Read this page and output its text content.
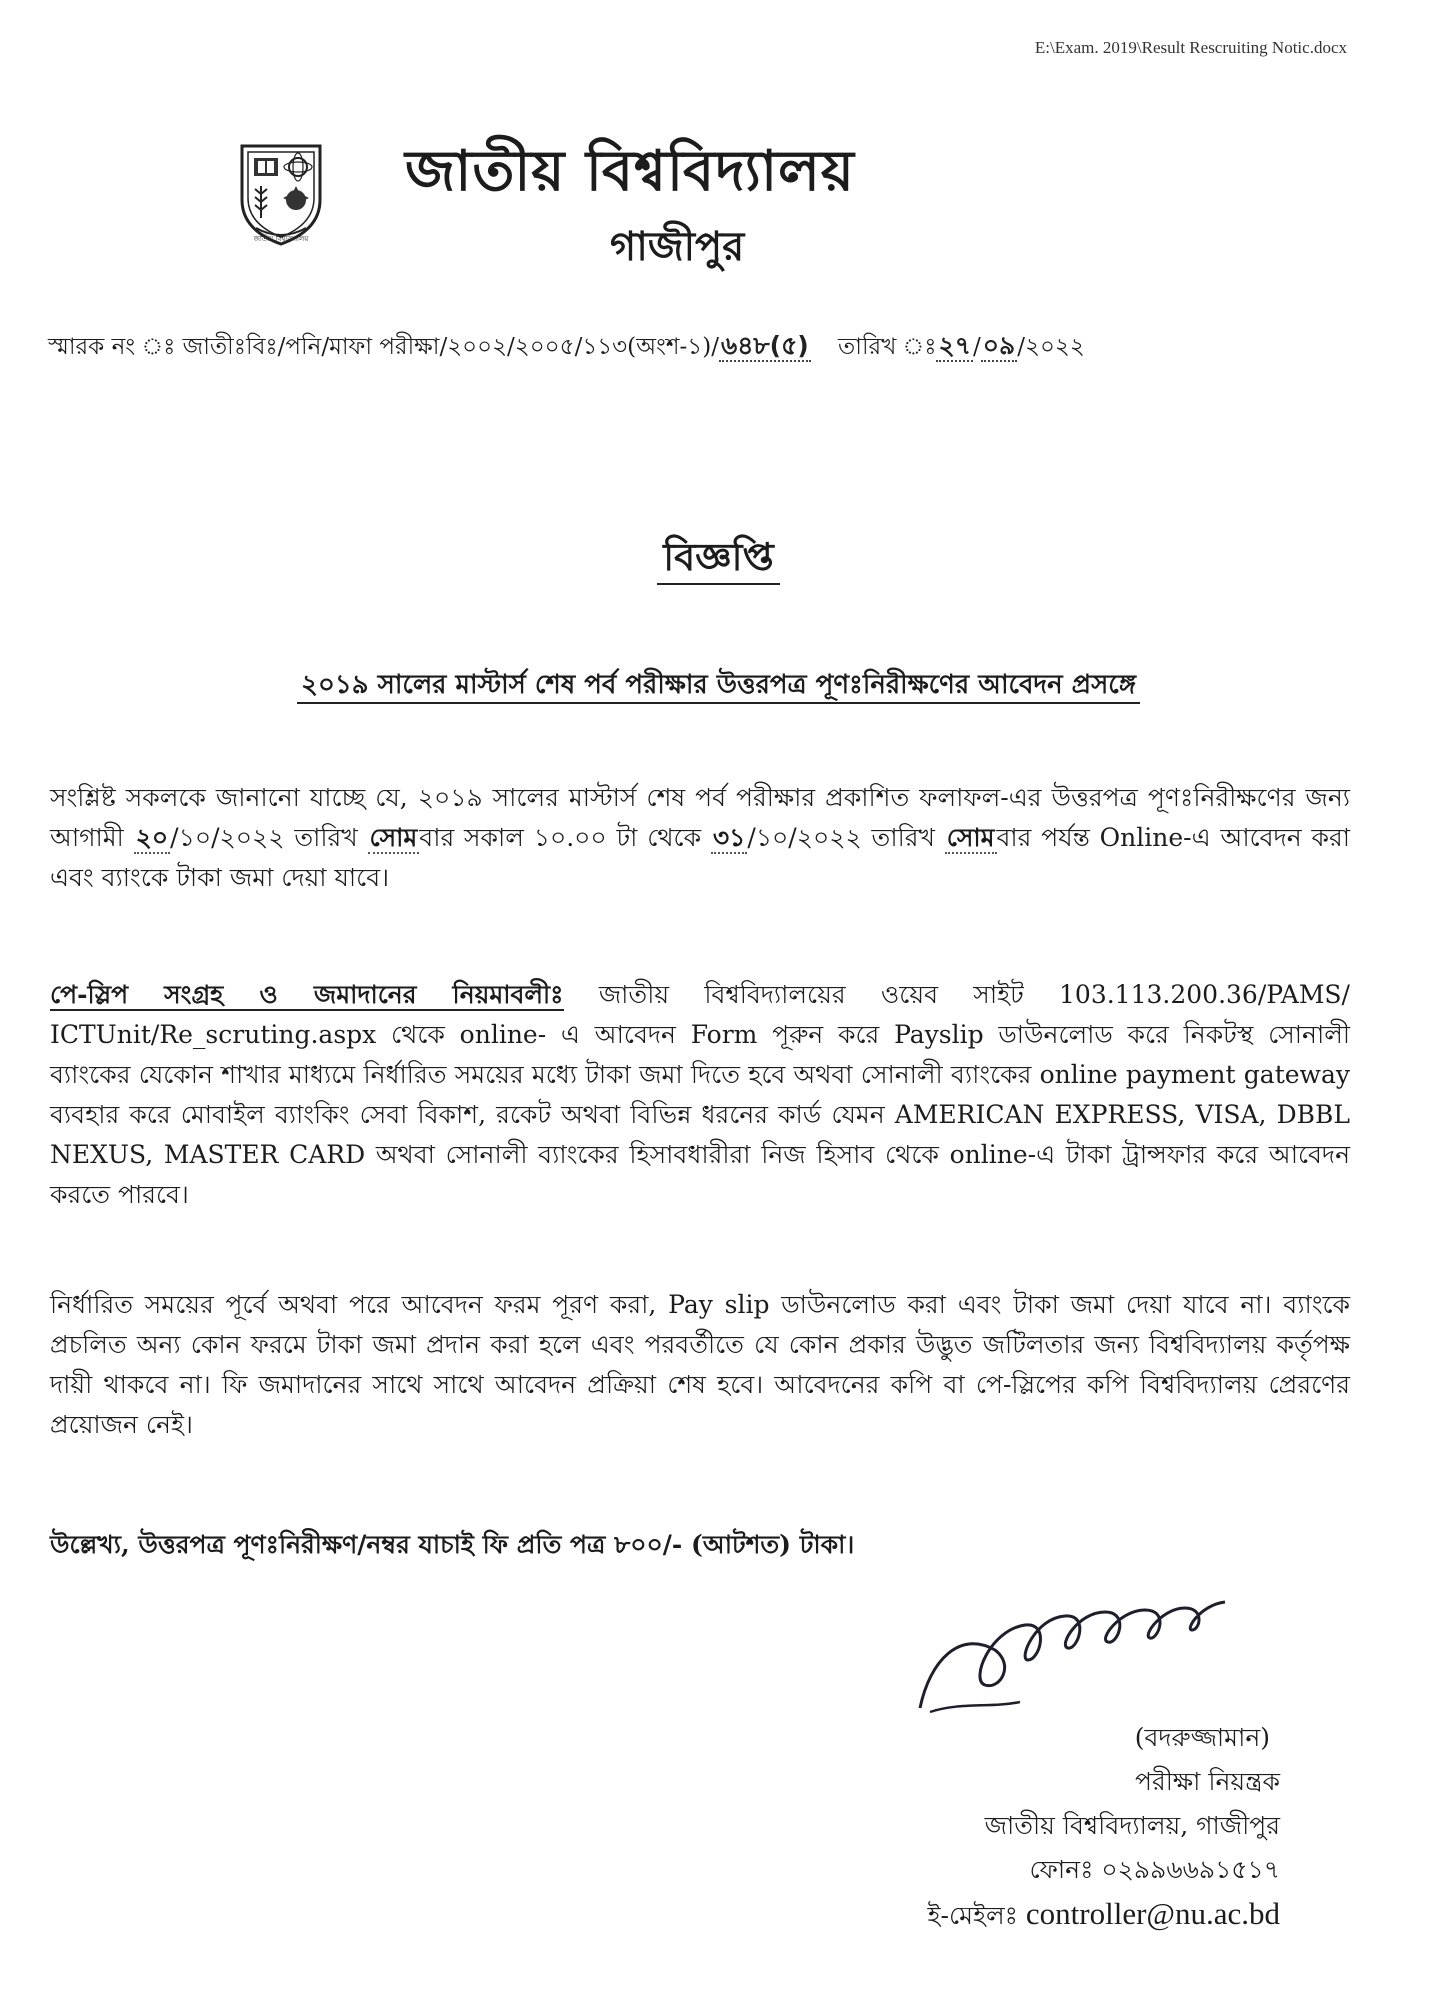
E:\Exam. 2019\Result Rescruiting Notic.docx
জাতীয় বিশ্ববিদ্যালয়
জাতীয় বিশ্ববিদ্যালয়
গাজীপুর
স্মারক নং ঃ জাতীঃবিঃ/পনি/মাফা পরীক্ষা/২০০২/২০০৫/১১৩(অংশ-১)/৬৪৮(৫) তারিখ ঃ২৭/০৯/২০২২
বিজ্ঞপ্তি
২০১৯ সালের মাস্টার্স শেষ পর্ব পরীক্ষার উত্তরপত্র পূণঃনিরীক্ষণের আবেদন প্রসঙ্গে
সংশ্লিষ্ট সকলকে জানানো যাচ্ছে যে, ২০১৯ সালের মাস্টার্স শেষ পর্ব পরীক্ষার প্রকাশিত ফলাফল-এর উত্তরপত্র পূণঃনিরীক্ষণের জন্য আগামী ২০/১০/২০২২ তারিখ সোমবার সকাল ১০.০০ টা থেকে ৩১/১০/২০২২ তারিখ সোমবার পর্যন্ত Online-এ আবেদন করা এবং ব্যাংকে টাকা জমা দেয়া যাবে।
পে-স্লিপ সংগ্রহ ও জমাদানের নিয়মাবলীঃ জাতীয় বিশ্ববিদ্যালয়ের ওয়েব সাইট 103.113.200.36/PAMS/ ICTUnit/Re_scruting.aspx থেকে online- এ আবেদন Form পূরুন করে Payslip ডাউনলোড করে নিকটস্থ সোনালী ব্যাংকের যেকোন শাখার মাধ্যমে নির্ধারিত সময়ের মধ্যে টাকা জমা দিতে হবে অথবা সোনালী ব্যাংকের online payment gateway ব্যবহার করে মোবাইল ব্যাংকিং সেবা বিকাশ, রকেট অথবা বিভিন্ন ধরনের কার্ড যেমন AMERICAN EXPRESS, VISA, DBBL NEXUS, MASTER CARD অথবা সোনালী ব্যাংকের হিসাবধারীরা নিজ হিসাব থেকে online-এ টাকা ট্রান্সফার করে আবেদন করতে পারবে।
নির্ধারিত সময়ের পূর্বে অথবা পরে আবেদন ফরম পূরণ করা, Pay slip ডাউনলোড করা এবং টাকা জমা দেয়া যাবে না। ব্যাংকে প্রচলিত অন্য কোন ফরমে টাকা জমা প্রদান করা হলে এবং পরবর্তীতে যে কোন প্রকার উদ্ভুত জটিলতার জন্য বিশ্ববিদ্যালয় কর্তৃপক্ষ দায়ী থাকবে না। ফি জমাদানের সাথে সাথে আবেদন প্রক্রিয়া শেষ হবে। আবেদনের কপি বা পে-স্লিপের কপি বিশ্ববিদ্যালয় প্রেরণের প্রয়োজন নেই।
উল্লেখ্য, উত্তরপত্র পূণঃনিরীক্ষণ/নম্বর যাচাই ফি প্রতি পত্র ৮০০/- (আটশত) টাকা।
(বদরুজ্জামান)
পরীক্ষা নিয়ন্ত্রক
জাতীয় বিশ্ববিদ্যালয়, গাজীপুর
ফোনঃ ০২৯৯৬৬৯১৫১৭
ই-মেইলঃ controller@nu.ac.bd
